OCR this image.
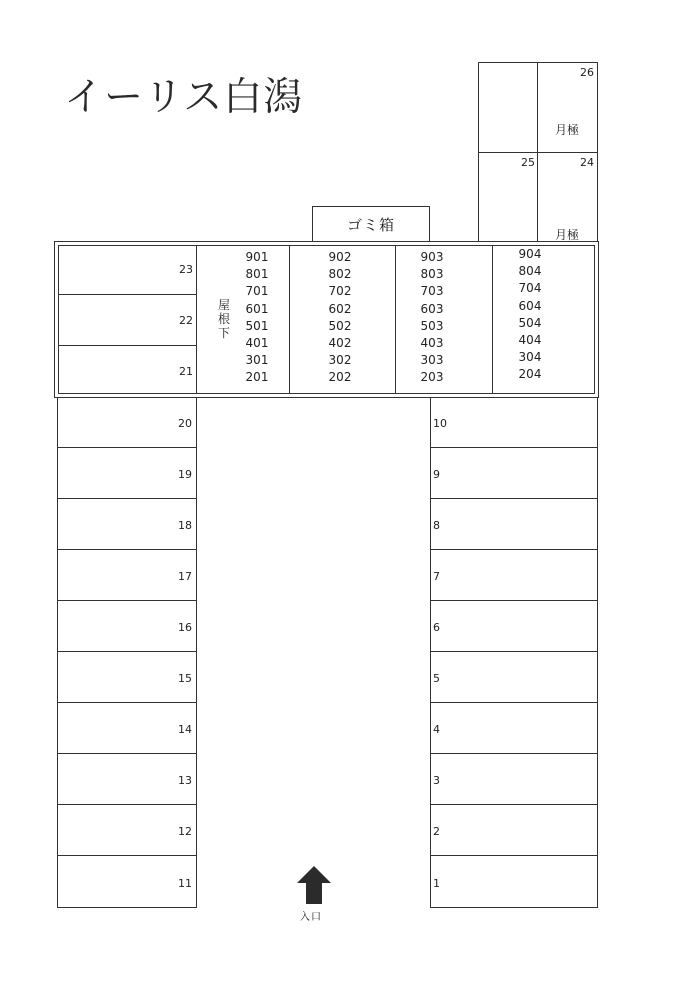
イーリス白潟
26
25	24
月極
月極
ゴミ箱
23
22
21
屋
根
下
901
801
701
601
501
401
301
201
902
802
702
602
502
402
302
202
903
803
703
603
503
403
303
203
904
804
704
604
504
404
304
204
20
19
18
17
16
15
14
13
12
11
10
9
8
7
6
5
4
3
2
1
入口
